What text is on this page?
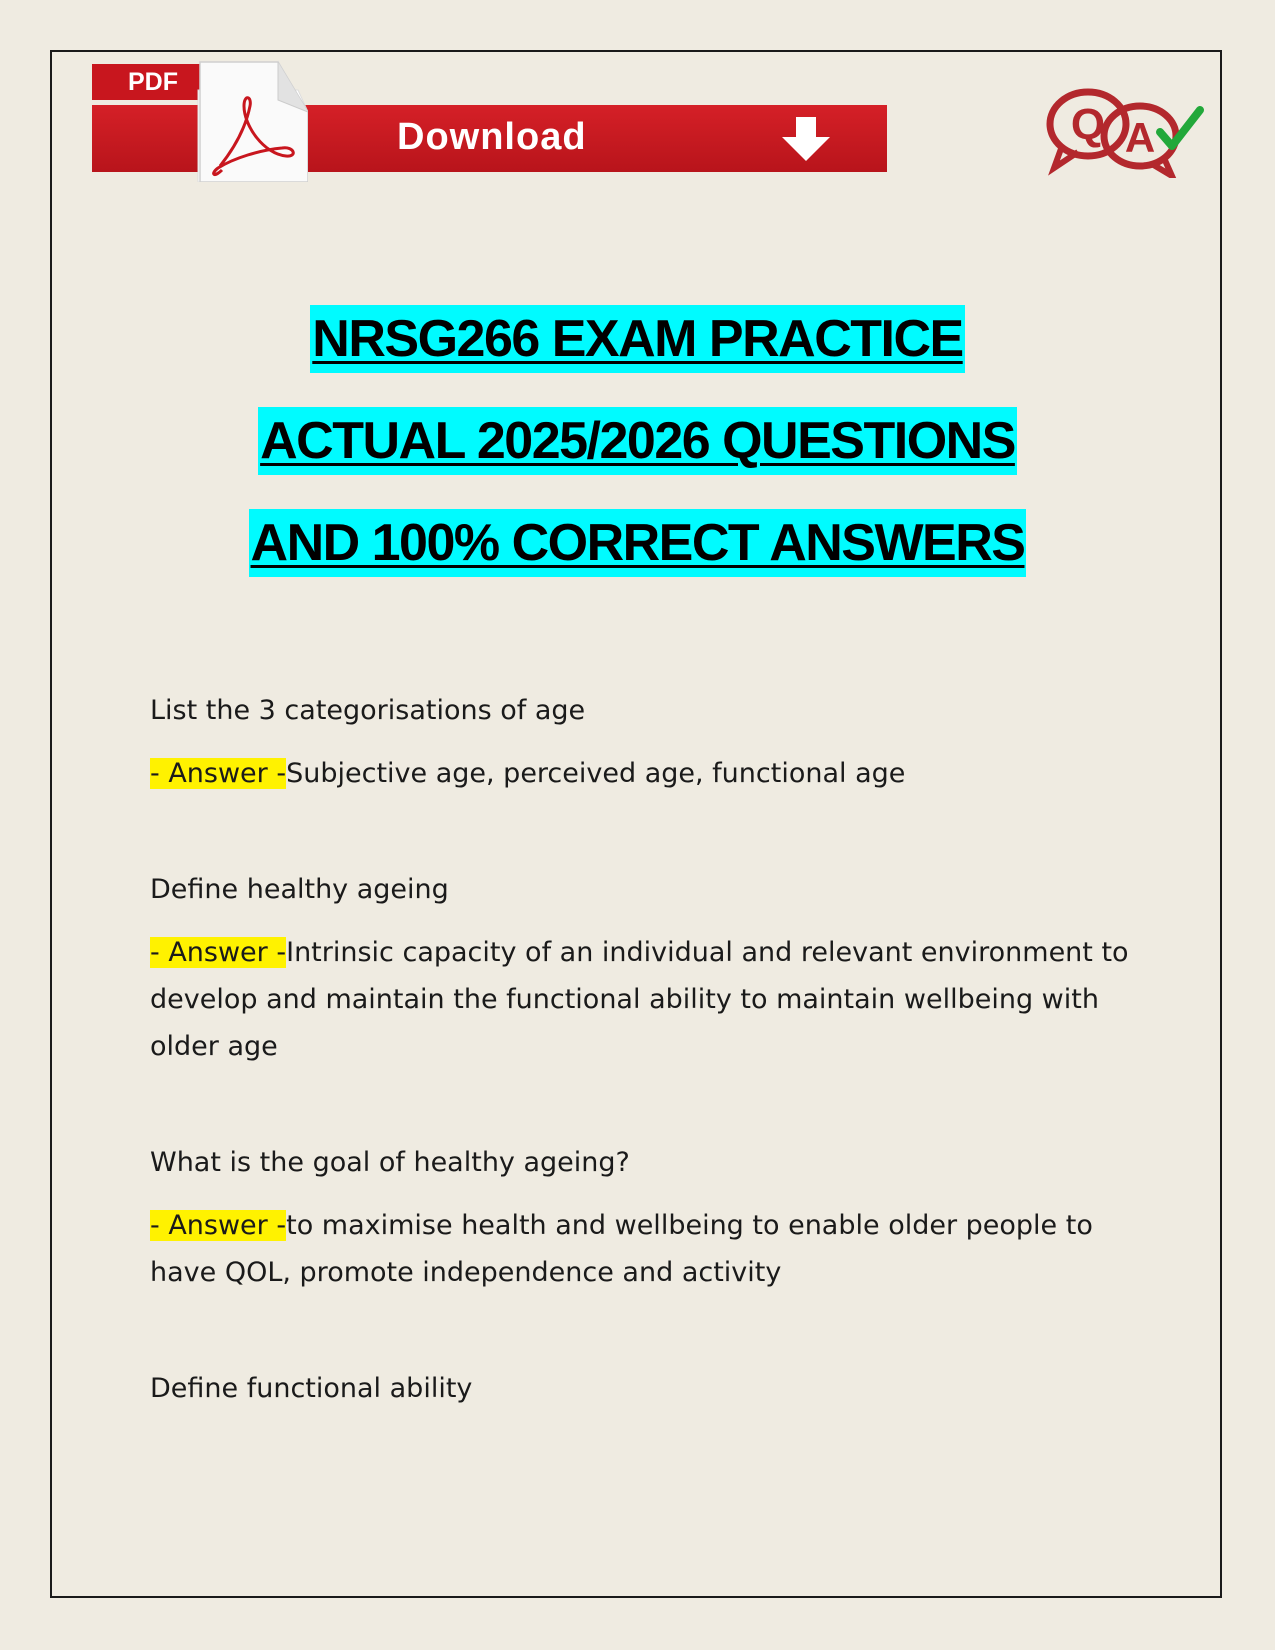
PDF
Download	Q A
NRSG266 EXAM PRACTICE
ACTUAL 2025/2026 QUESTIONS
AND 100% CORRECT ANSWERS

List the 3 categorisations of age

- Answer -Subjective age, perceived age, functional age

Define healthy ageing

- Answer -Intrinsic capacity of an individual and relevant environment to develop and maintain the functional ability to maintain wellbeing with older age

What is the goal of healthy ageing?

- Answer -to maximise health and wellbeing to enable older people to have QOL, promote independence and activity

Define functional ability
